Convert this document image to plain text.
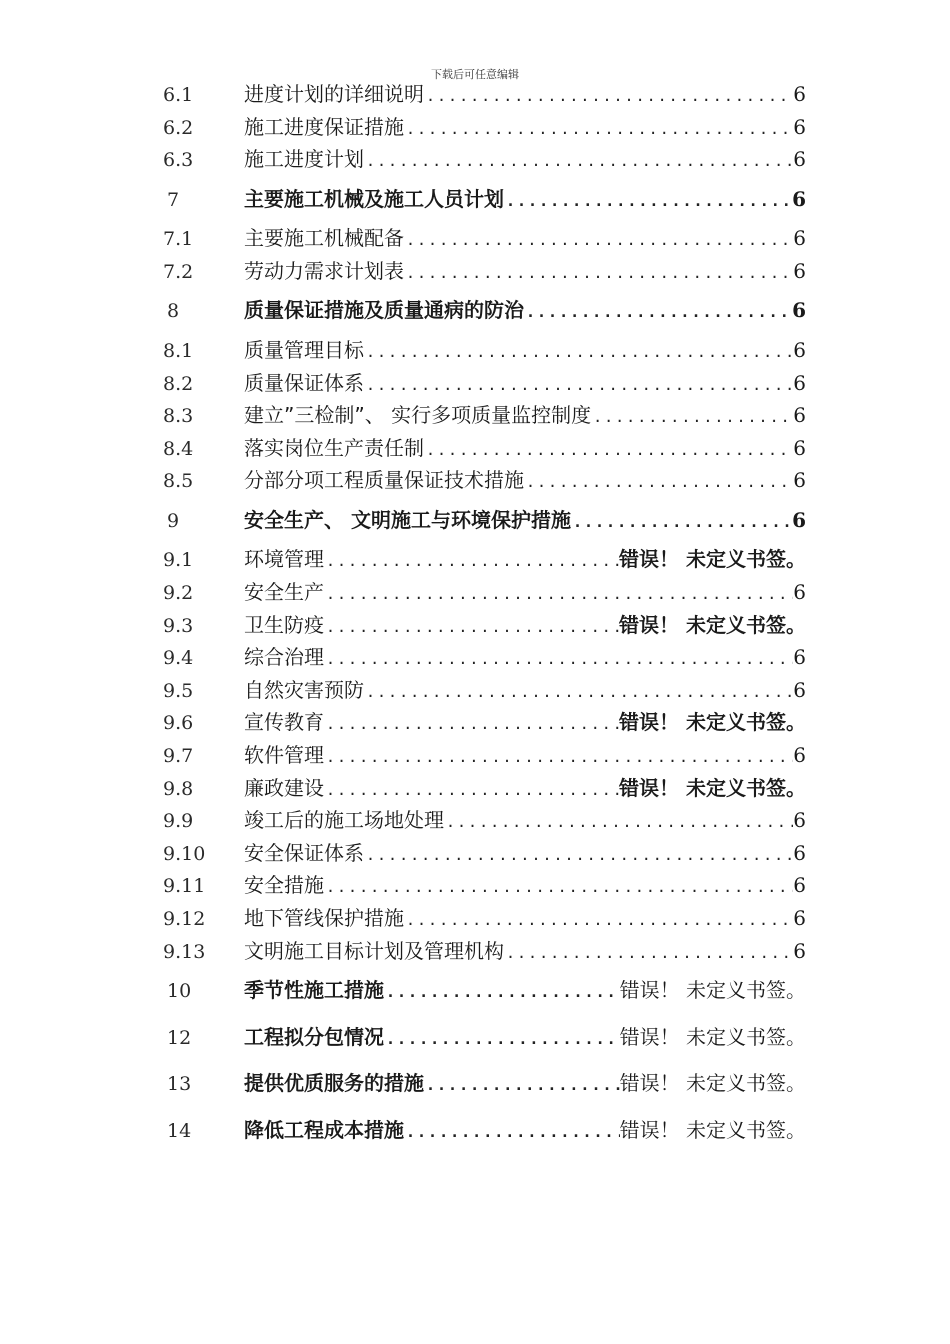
下载后可任意编辑
6.1	进度计划的详细说明 .....	6
6.2	施工进度保证措施 .....	6
6.3	施工进度计划 .....	6
7	主要施工机械及施工人员计划 .....	6
7.1	主要施工机械配备 .....	6
7.2	劳动力需求计划表 .....	6
8	质量保证措施及质量通病的防治 .....	6
8.1	质量管理目标 .....	6
8.2	质量保证体系 .....	6
8.3	建立”三检制”、 实行多项质量监控制度 .....	6
8.4	落实岗位生产责任制 .....	6
8.5	分部分项工程质量保证技术措施 .....	6
9	安全生产、 文明施工与环境保护措施 .....	6
9.1	环境管理 .....	错误！ 未定义书签。
9.2	安全生产 .....	6
9.3	卫生防疫 .....	错误！ 未定义书签。
9.4	综合治理 .....	6
9.5	自然灾害预防 .....	6
9.6	宣传教育 .....	错误！ 未定义书签。
9.7	软件管理 .....	6
9.8	廉政建设 .....	错误！ 未定义书签。
9.9	竣工后的施工场地处理 .....	6
9.10	安全保证体系 .....	6
9.11	安全措施 .....	6
9.12	地下管线保护措施 .....	6
9.13	文明施工目标计划及管理机构 .....	6
10	季节性施工措施 .....	错误！ 未定义书签。
12	工程拟分包情况 .....	错误！ 未定义书签。
13	提供优质服务的措施 .....	错误！ 未定义书签。
14	降低工程成本措施 .....	错误！ 未定义书签。
